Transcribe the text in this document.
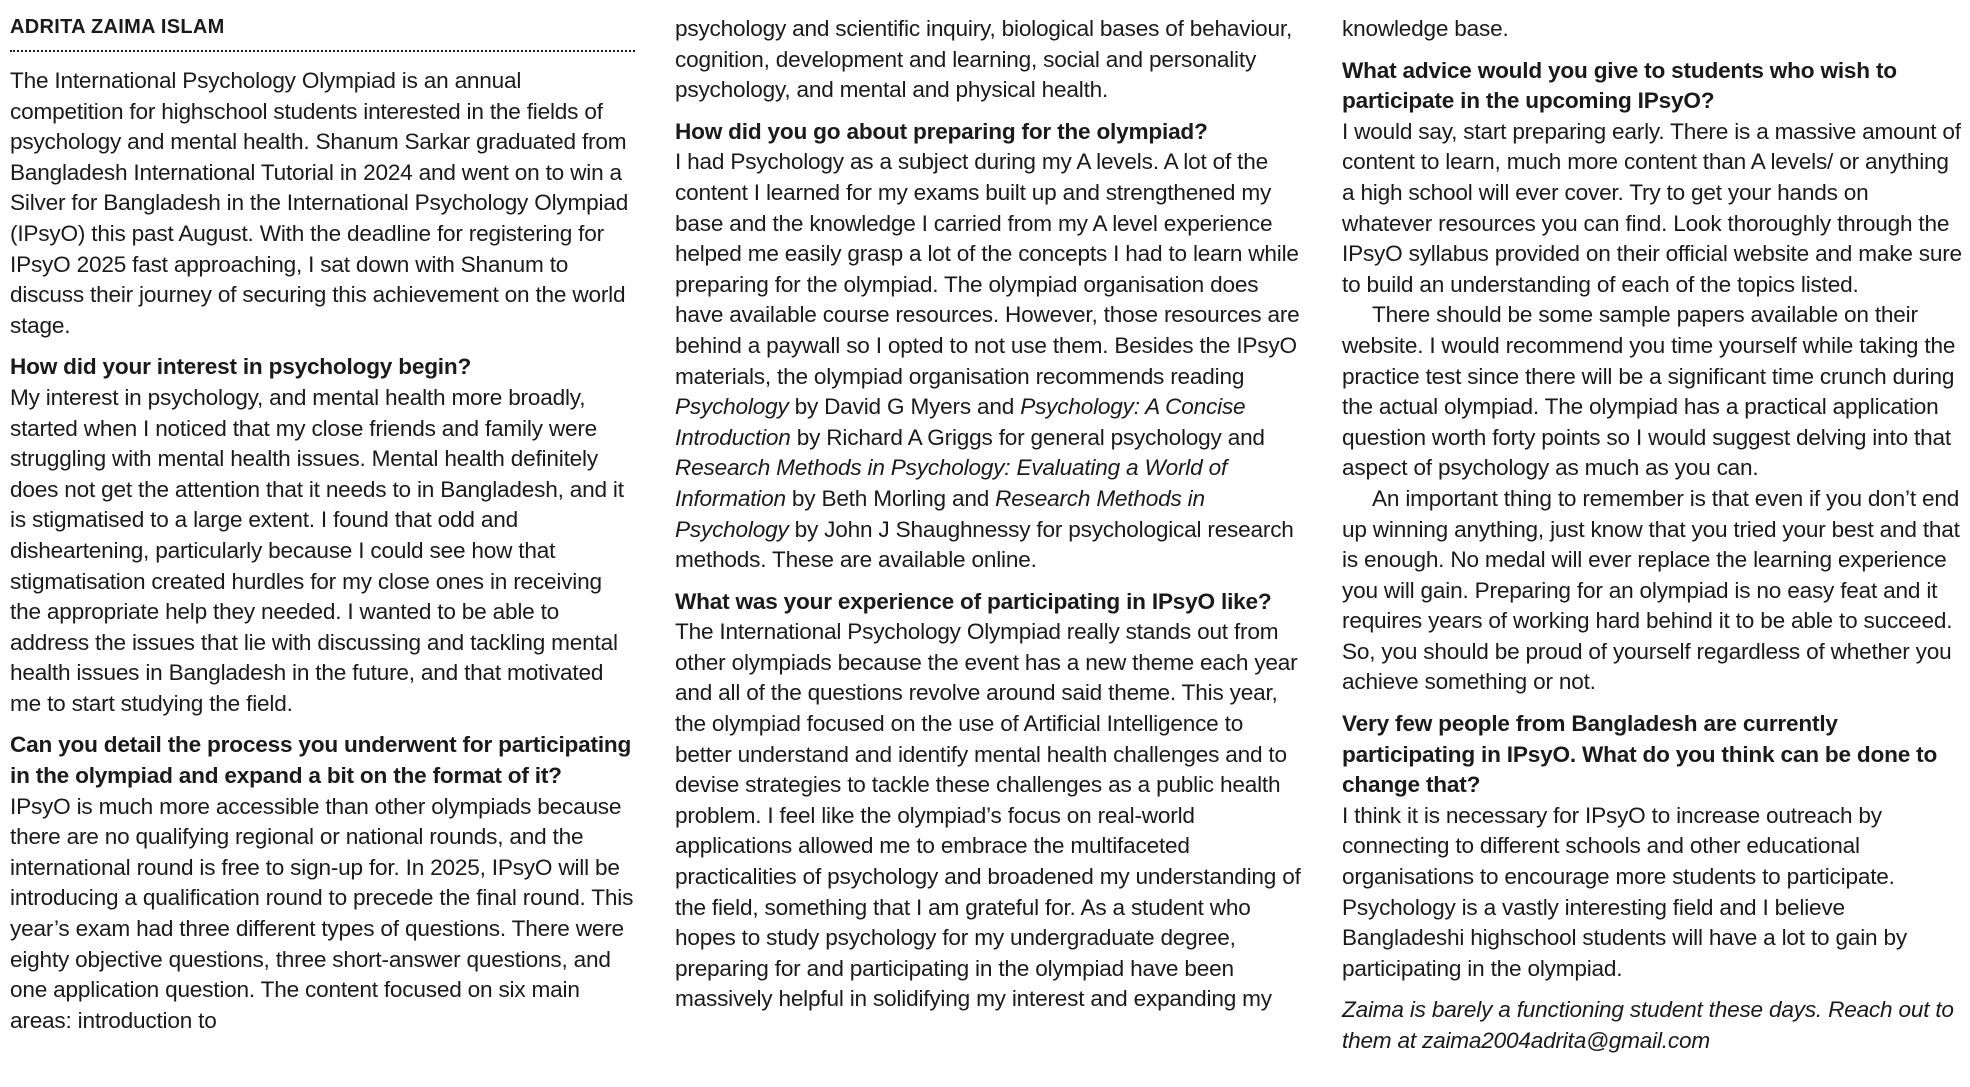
ADRITA ZAIMA ISLAM

The International Psychology Olympiad is an annual competition for highschool students interested in the fields of psychology and mental health. Shanum Sarkar graduated from Bangladesh International Tutorial in 2024 and went on to win a Silver for Bangladesh in the International Psychology Olympiad (IPsyO) this past August. With the deadline for registering for IPsyO 2025 fast approaching, I sat down with Shanum to discuss their journey of securing this achievement on the world stage.

How did your interest in psychology begin?

My interest in psychology, and mental health more broadly, started when I noticed that my close friends and family were struggling with mental health issues. Mental health definitely does not get the attention that it needs to in Bangladesh, and it is stigmatised to a large extent. I found that odd and disheartening, particularly because I could see how that stigmatisation created hurdles for my close ones in receiving the appropriate help they needed. I wanted to be able to address the issues that lie with discussing and tackling mental health issues in Bangladesh in the future, and that motivated me to start studying the field.

Can you detail the process you underwent for participating in the olympiad and expand a bit on the format of it?

IPsyO is much more accessible than other olympiads because there are no qualifying regional or national rounds, and the international round is free to sign-up for. In 2025, IPsyO will be introducing a qualification round to precede the final round. This year’s exam had three different types of questions. There were eighty objective questions, three short-answer questions, and one application question. The content focused on six main areas: introduction to

psychology and scientific inquiry, biological bases of behaviour, cognition, development and learning, social and personality psychology, and mental and physical health.

How did you go about preparing for the olympiad?

I had Psychology as a subject during my A levels. A lot of the content I learned for my exams built up and strengthened my base and the knowledge I carried from my A level experience helped me easily grasp a lot of the concepts I had to learn while preparing for the olympiad. The olympiad organisation does have available course resources. However, those resources are behind a paywall so I opted to not use them. Besides the IPsyO materials, the olympiad organisation recommends reading Psychology by David G Myers and Psychology: A Concise Introduction by Richard A Griggs for general psychology and Research Methods in Psychology: Evaluating a World of Information by Beth Morling and Research Methods in Psychology by John J Shaughnessy for psychological research methods. These are available online.

What was your experience of participating in IPsyO like?

The International Psychology Olympiad really stands out from other olympiads because the event has a new theme each year and all of the questions revolve around said theme. This year, the olympiad focused on the use of Artificial Intelligence to better understand and identify mental health challenges and to devise strategies to tackle these challenges as a public health problem. I feel like the olympiad’s focus on real-world applications allowed me to embrace the multifaceted practicalities of psychology and broadened my understanding of the field, something that I am grateful for. As a student who hopes to study psychology for my undergraduate degree, preparing for and participating in the olympiad have been massively helpful in solidifying my interest and expanding my

knowledge base.

What advice would you give to students who wish to participate in the upcoming IPsyO?

I would say, start preparing early. There is a massive amount of content to learn, much more content than A levels/ or anything a high school will ever cover. Try to get your hands on whatever resources you can find. Look thoroughly through the IPsyO syllabus provided on their official website and make sure to build an understanding of each of the topics listed.

There should be some sample papers available on their website. I would recommend you time yourself while taking the practice test since there will be a significant time crunch during the actual olympiad. The olympiad has a practical application question worth forty points so I would suggest delving into that aspect of psychology as much as you can.

An important thing to remember is that even if you don’t end up winning anything, just know that you tried your best and that is enough. No medal will ever replace the learning experience you will gain. Preparing for an olympiad is no easy feat and it requires years of working hard behind it to be able to succeed. So, you should be proud of yourself regardless of whether you achieve something or not.

Very few people from Bangladesh are currently participating in IPsyO. What do you think can be done to change that?

I think it is necessary for IPsyO to increase outreach by connecting to different schools and other educational organisations to encourage more students to participate. Psychology is a vastly interesting field and I believe Bangladeshi highschool students will have a lot to gain by participating in the olympiad.

Zaima is barely a functioning student these days. Reach out to them at zaima2004adrita@gmail.com
